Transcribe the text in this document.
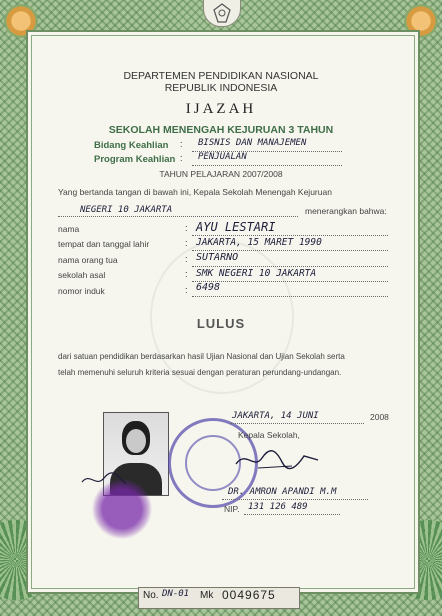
DEPARTEMEN PENDIDIKAN NASIONAL
REPUBLIK INDONESIA
IJAZAH
SEKOLAH MENENGAH KEJURUAN 3 TAHUN
Bidang Keahlian : BISNIS DAN MANAJEMEN
Program Keahlian : PENJUALAN
TAHUN PELAJARAN 2007/2008
Yang bertanda tangan di bawah ini, Kepala Sekolah Menengah Kejuruan
NEGERI 10 JAKARTA	menerangkan bahwa:
nama	: AYU LESTARI
tempat dan tanggal lahir	: JAKARTA, 15 MARET 1990
nama orang tua	: SUTARNO
sekolah asal	: SMK NEGERI 10 JAKARTA
nomor induk	: 6498
LULUS
dari satuan pendidikan berdasarkan hasil Ujian Nasional dan Ujian Sekolah serta
telah memenuhi seluruh kriteria sesuai dengan peraturan perundang-undangan.
JAKARTA, 14 JUNI	2008
Kepala Sekolah,
DR. AMRON APANDI M.M
NIP. 131 126 489
No. DN-01 Mk 0049675
